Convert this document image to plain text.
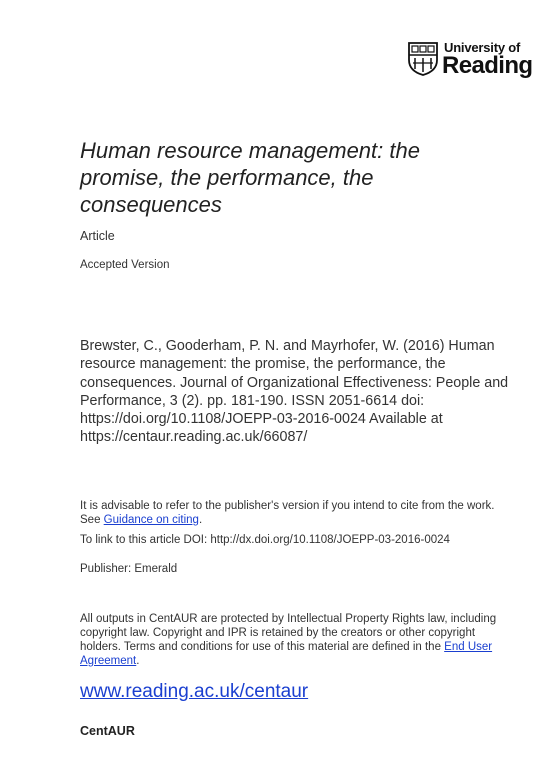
University of
Reading
Human resource management: the promise, the performance, the consequences
Article
Accepted Version
Brewster, C., Gooderham, P. N. and Mayrhofer, W. (2016) Human resource management: the promise, the performance, the consequences. Journal of Organizational Effectiveness: People and Performance, 3 (2). pp. 181-190. ISSN 2051-6614 doi: https://doi.org/10.1108/JOEPP-03-2016-0024 Available at https://centaur.reading.ac.uk/66087/
It is advisable to refer to the publisher's version if you intend to cite from the work. See Guidance on citing.
To link to this article DOI: http://dx.doi.org/10.1108/JOEPP-03-2016-0024
Publisher: Emerald
All outputs in CentAUR are protected by Intellectual Property Rights law, including copyright law. Copyright and IPR is retained by the creators or other copyright holders. Terms and conditions for use of this material are defined in the End User Agreement.
www.reading.ac.uk/centaur
CentAUR
